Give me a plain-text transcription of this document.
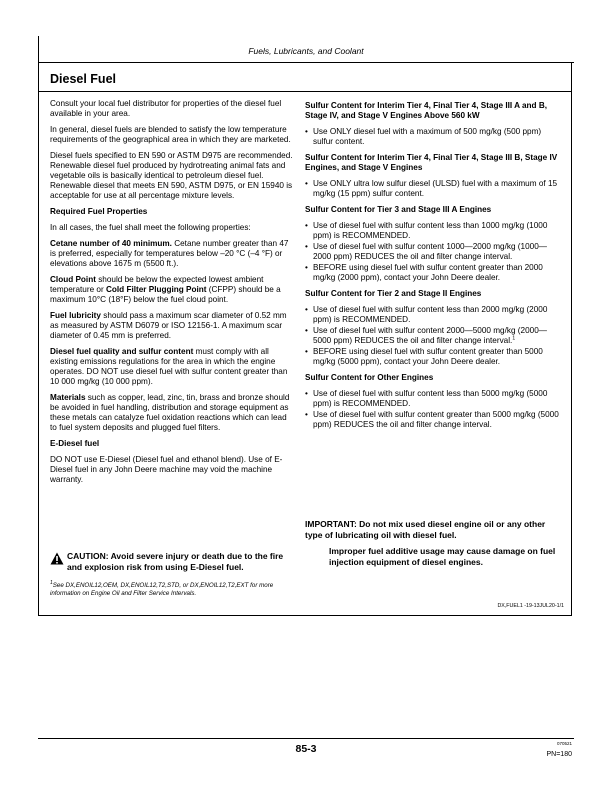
Fuels, Lubricants, and Coolant
Diesel Fuel

Consult your local fuel distributor for properties of the diesel fuel available in your area.

In general, diesel fuels are blended to satisfy the low temperature requirements of the geographical area in which they are marketed.

Diesel fuels specified to EN 590 or ASTM D975 are recommended. Renewable diesel fuel produced by hydrotreating animal fats and vegetable oils is basically identical to petroleum diesel fuel. Renewable diesel that meets EN 590, ASTM D975, or EN 15940 is acceptable for use at all percentage mixture levels.

Required Fuel Properties

In all cases, the fuel shall meet the following properties:

Cetane number of 40 minimum. Cetane number greater than 47 is preferred, especially for temperatures below –20 °C (–4 °F) or elevations above 1675 m (5500 ft.).

Cloud Point should be below the expected lowest ambient temperature or Cold Filter Plugging Point (CFPP) should be a maximum 10°C (18°F) below the fuel cloud point.

Fuel lubricity should pass a maximum scar diameter of 0.52 mm as measured by ASTM D6079 or ISO 12156-1. A maximum scar diameter of 0.45 mm is preferred.

Diesel fuel quality and sulfur content must comply with all existing emissions regulations for the area in which the engine operates. DO NOT use diesel fuel with sulfur content greater than 10 000 mg/kg (10 000 ppm).

Materials such as copper, lead, zinc, tin, brass and bronze should be avoided in fuel handling, distribution and storage equipment as these metals can catalyze fuel oxidation reactions which can lead to fuel system deposits and plugged fuel filters.

E-Diesel fuel

DO NOT use E-Diesel (Diesel fuel and ethanol blend). Use of E-Diesel fuel in any John Deere machine may void the machine warranty.

CAUTION: Avoid severe injury or death due to the fire and explosion risk from using E-Diesel fuel.
$^1$See DX,ENOIL12,OEM, DX,ENOIL12,T2,STD, or DX,ENOIL12,T2,EXT for more information on Engine Oil and Filter Service Intervals.

Sulfur Content for Interim Tier 4, Final Tier 4, Stage III A and B, Stage IV, and Stage V Engines Above 560 kW

• Use ONLY diesel fuel with a maximum of 500 mg/kg (500 ppm) sulfur content.

Sulfur Content for Interim Tier 4, Final Tier 4, Stage III B, Stage IV Engines, and Stage V Engines

• Use ONLY ultra low sulfur diesel (ULSD) fuel with a maximum of 15 mg/kg (15 ppm) sulfur content.

Sulfur Content for Tier 3 and Stage III A Engines

• Use of diesel fuel with sulfur content less than 1000 mg/kg (1000 ppm) is RECOMMENDED.
• Use of diesel fuel with sulfur content 1000—2000 mg/kg (1000—2000 ppm) REDUCES the oil and filter change interval.
• BEFORE using diesel fuel with sulfur content greater than 2000 mg/kg (2000 ppm), contact your John Deere dealer.

Sulfur Content for Tier 2 and Stage II Engines

• Use of diesel fuel with sulfur content less than 2000 mg/kg (2000 ppm) is RECOMMENDED.
• Use of diesel fuel with sulfur content 2000—5000 mg/kg (2000—5000 ppm) REDUCES the oil and filter change interval.$^1$
• BEFORE using diesel fuel with sulfur content greater than 5000 mg/kg (5000 ppm), contact your John Deere dealer.

Sulfur Content for Other Engines

• Use of diesel fuel with sulfur content less than 5000 mg/kg (5000 ppm) is RECOMMENDED.
• Use of diesel fuel with sulfur content greater than 5000 mg/kg (5000 ppm) REDUCES the oil and filter change interval.

IMPORTANT: Do not mix used diesel engine oil or any other type of lubricating oil with diesel fuel.

Improper fuel additive usage may cause damage on fuel injection equipment of diesel engines.

DX,FUEL1 -19-13JUL20-1/1
85-3	070521
PN=180
